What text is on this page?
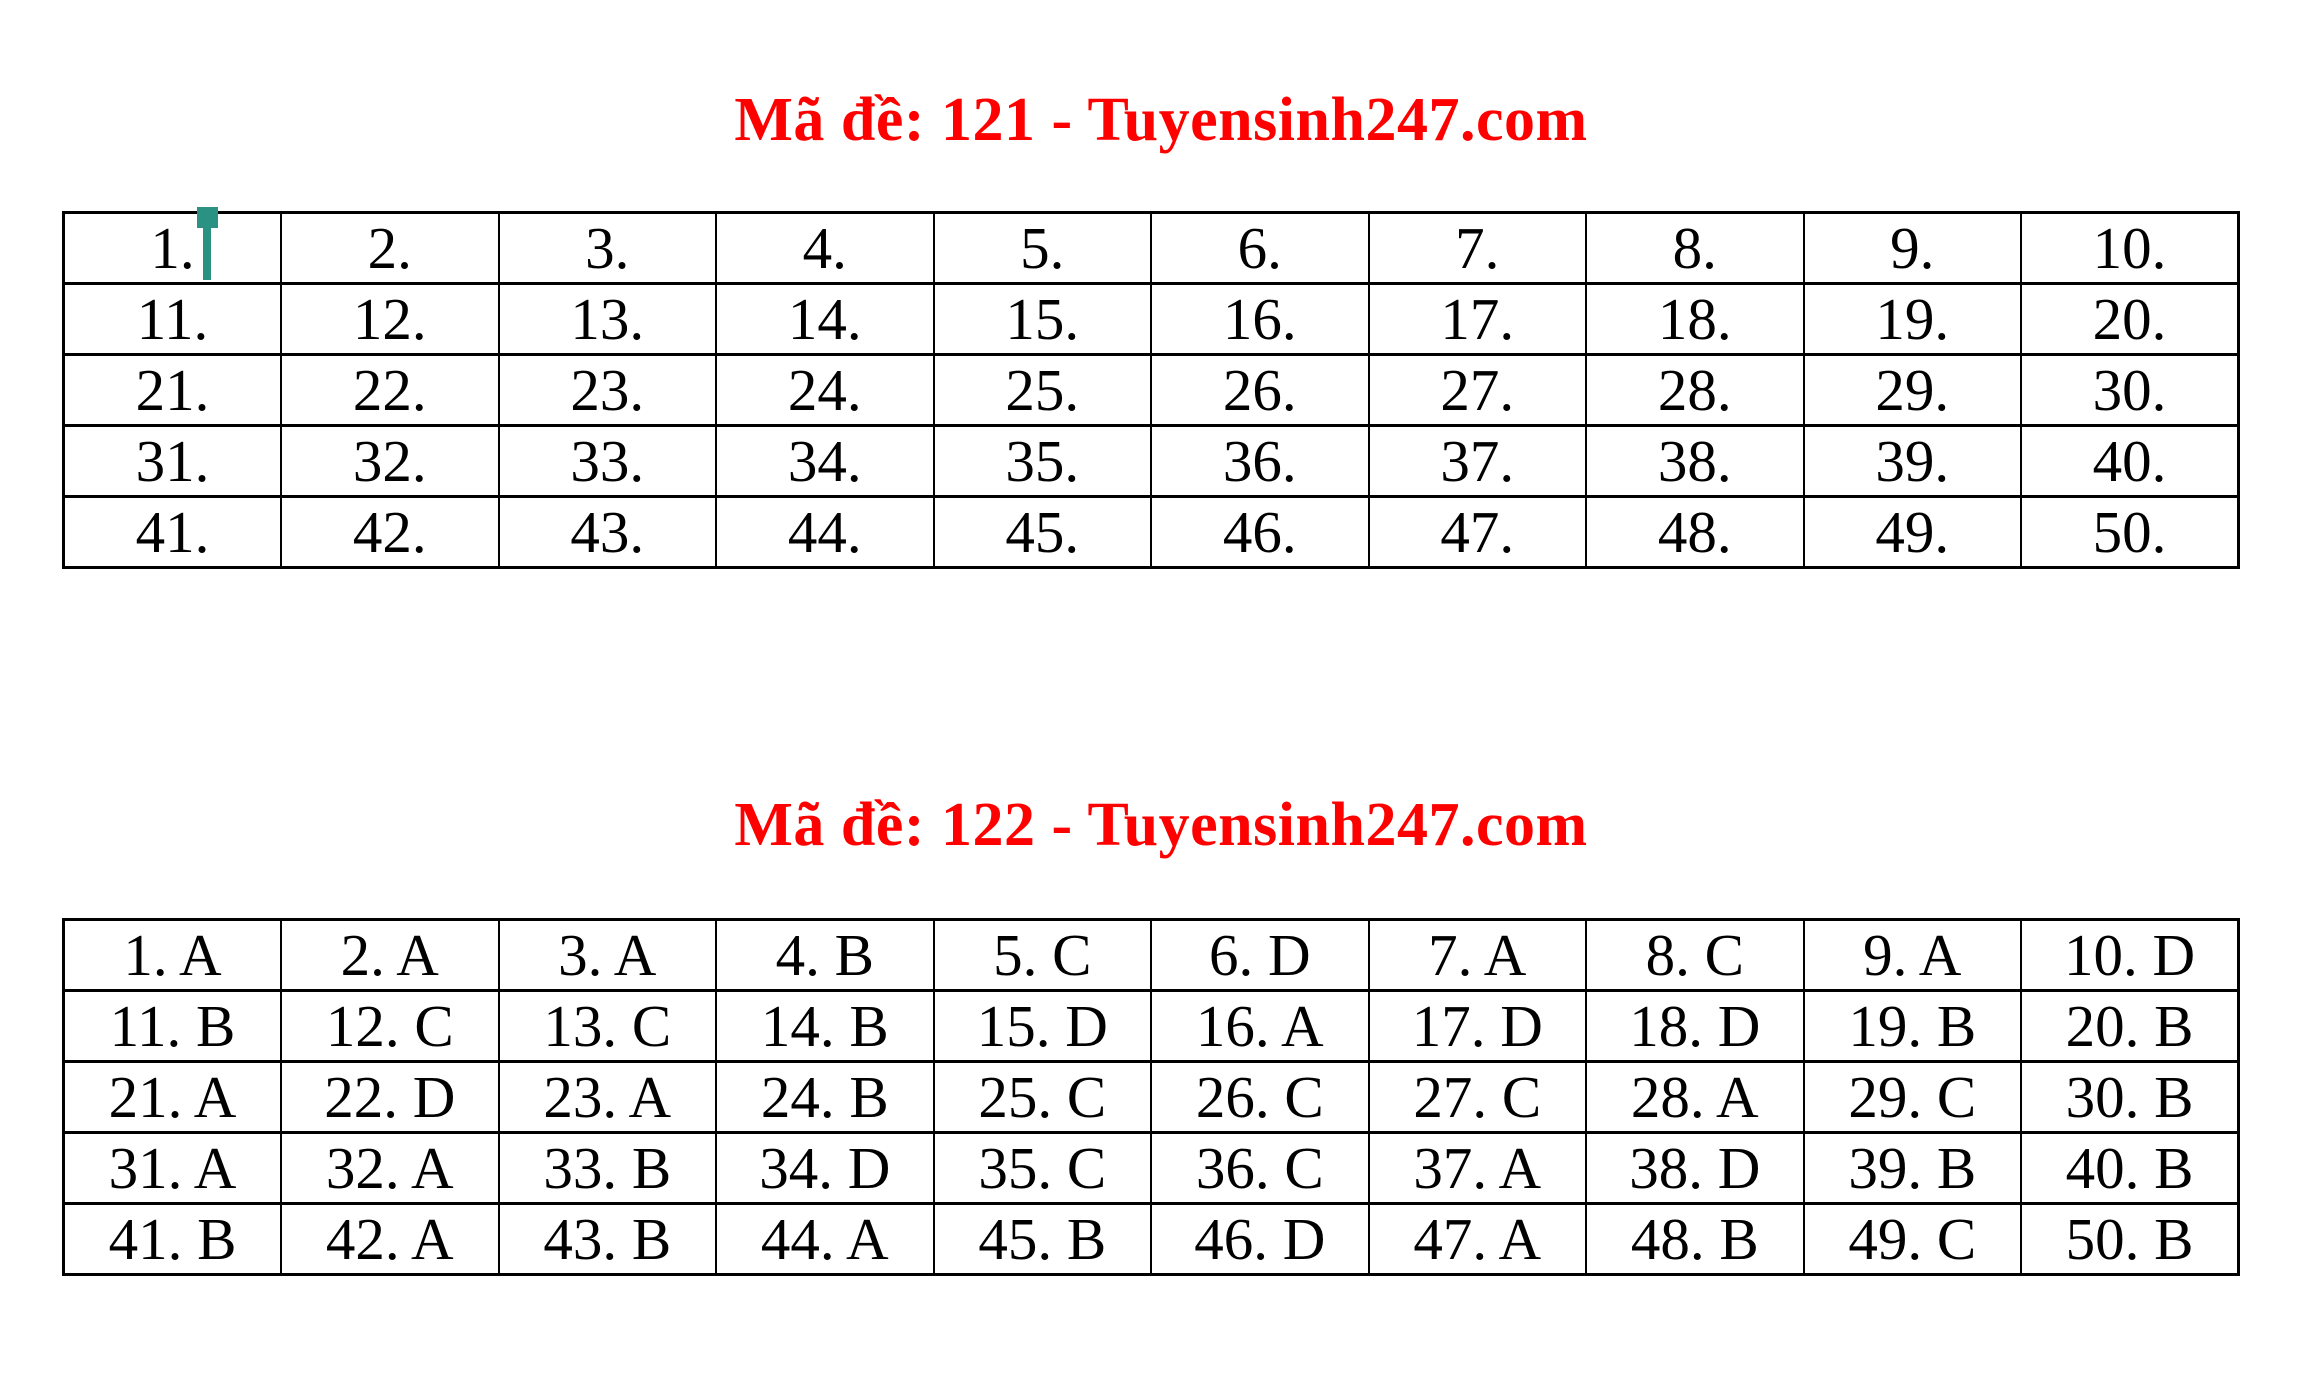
Mã đề: 121 - Tuyensinh247.com
1.	2.	3.	4.	5.	6.	7.	8.	9.	10.
11.	12.	13.	14.	15.	16.	17.	18.	19.	20.
21.	22.	23.	24.	25.	26.	27.	28.	29.	30.
31.	32.	33.	34.	35.	36.	37.	38.	39.	40.
41.	42.	43.	44.	45.	46.	47.	48.	49.	50.
Mã đề: 122 - Tuyensinh247.com
1. A	2. A	3. A	4. B	5. C	6. D	7. A	8. C	9. A	10. D
11. B	12. C	13. C	14. B	15. D	16. A	17. D	18. D	19. B	20. B
21. A	22. D	23. A	24. B	25. C	26. C	27. C	28. A	29. C	30. B
31. A	32. A	33. B	34. D	35. C	36. C	37. A	38. D	39. B	40. B
41. B	42. A	43. B	44. A	45. B	46. D	47. A	48. B	49. C	50. B
